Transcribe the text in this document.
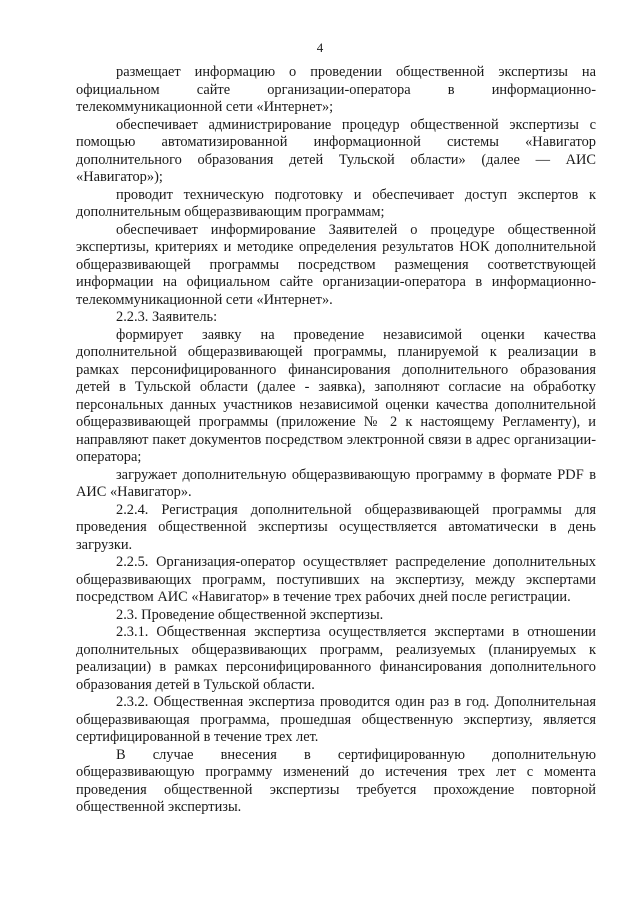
4

размещает информацию о проведении общественной экспертизы на официальном сайте организации-оператора в информационно-телекоммуникационной сети «Интернет»;

обеспечивает администрирование процедур общественной экспертизы с помощью автоматизированной информационной системы «Навигатор дополнительного образования детей Тульской области» (далее — АИС «Навигатор»);

проводит техническую подготовку и обеспечивает доступ экспертов к дополнительным общеразвивающим программам;

обеспечивает информирование Заявителей о процедуре общественной экспертизы, критериях и методике определения результатов НОК дополнительной общеразвивающей программы посредством размещения соответствующей информации на официальном сайте организации-оператора в информационно-телекоммуникационной сети «Интернет».

2.2.3. Заявитель:

формирует заявку на проведение независимой оценки качества дополнительной общеразвивающей программы, планируемой к реализации в рамках персонифицированного финансирования дополнительного образования детей в Тульской области (далее - заявка), заполняют согласие на обработку персональных данных участников независимой оценки качества дополнительной общеразвивающей программы (приложение № 2 к настоящему Регламенту), и направляют пакет документов посредством электронной связи в адрес организации-оператора;

загружает дополнительную общеразвивающую программу в формате PDF в АИС «Навигатор».

2.2.4. Регистрация дополнительной общеразвивающей программы для проведения общественной экспертизы осуществляется автоматически в день загрузки.

2.2.5. Организация-оператор осуществляет распределение дополнительных общеразвивающих программ, поступивших на экспертизу, между экспертами посредством АИС «Навигатор» в течение трех рабочих дней после регистрации.

2.3. Проведение общественной экспертизы.

2.3.1. Общественная экспертиза осуществляется экспертами в отношении дополнительных общеразвивающих программ, реализуемых (планируемых к реализации) в рамках персонифицированного финансирования дополнительного образования детей в Тульской области.

2.3.2. Общественная экспертиза проводится один раз в год. Дополнительная общеразвивающая программа, прошедшая общественную экспертизу, является сертифицированной в течение трех лет.

В случае внесения в сертифицированную дополнительную общеразвивающую программу изменений до истечения трех лет с момента проведения общественной экспертизы требуется прохождение повторной общественной экспертизы.
